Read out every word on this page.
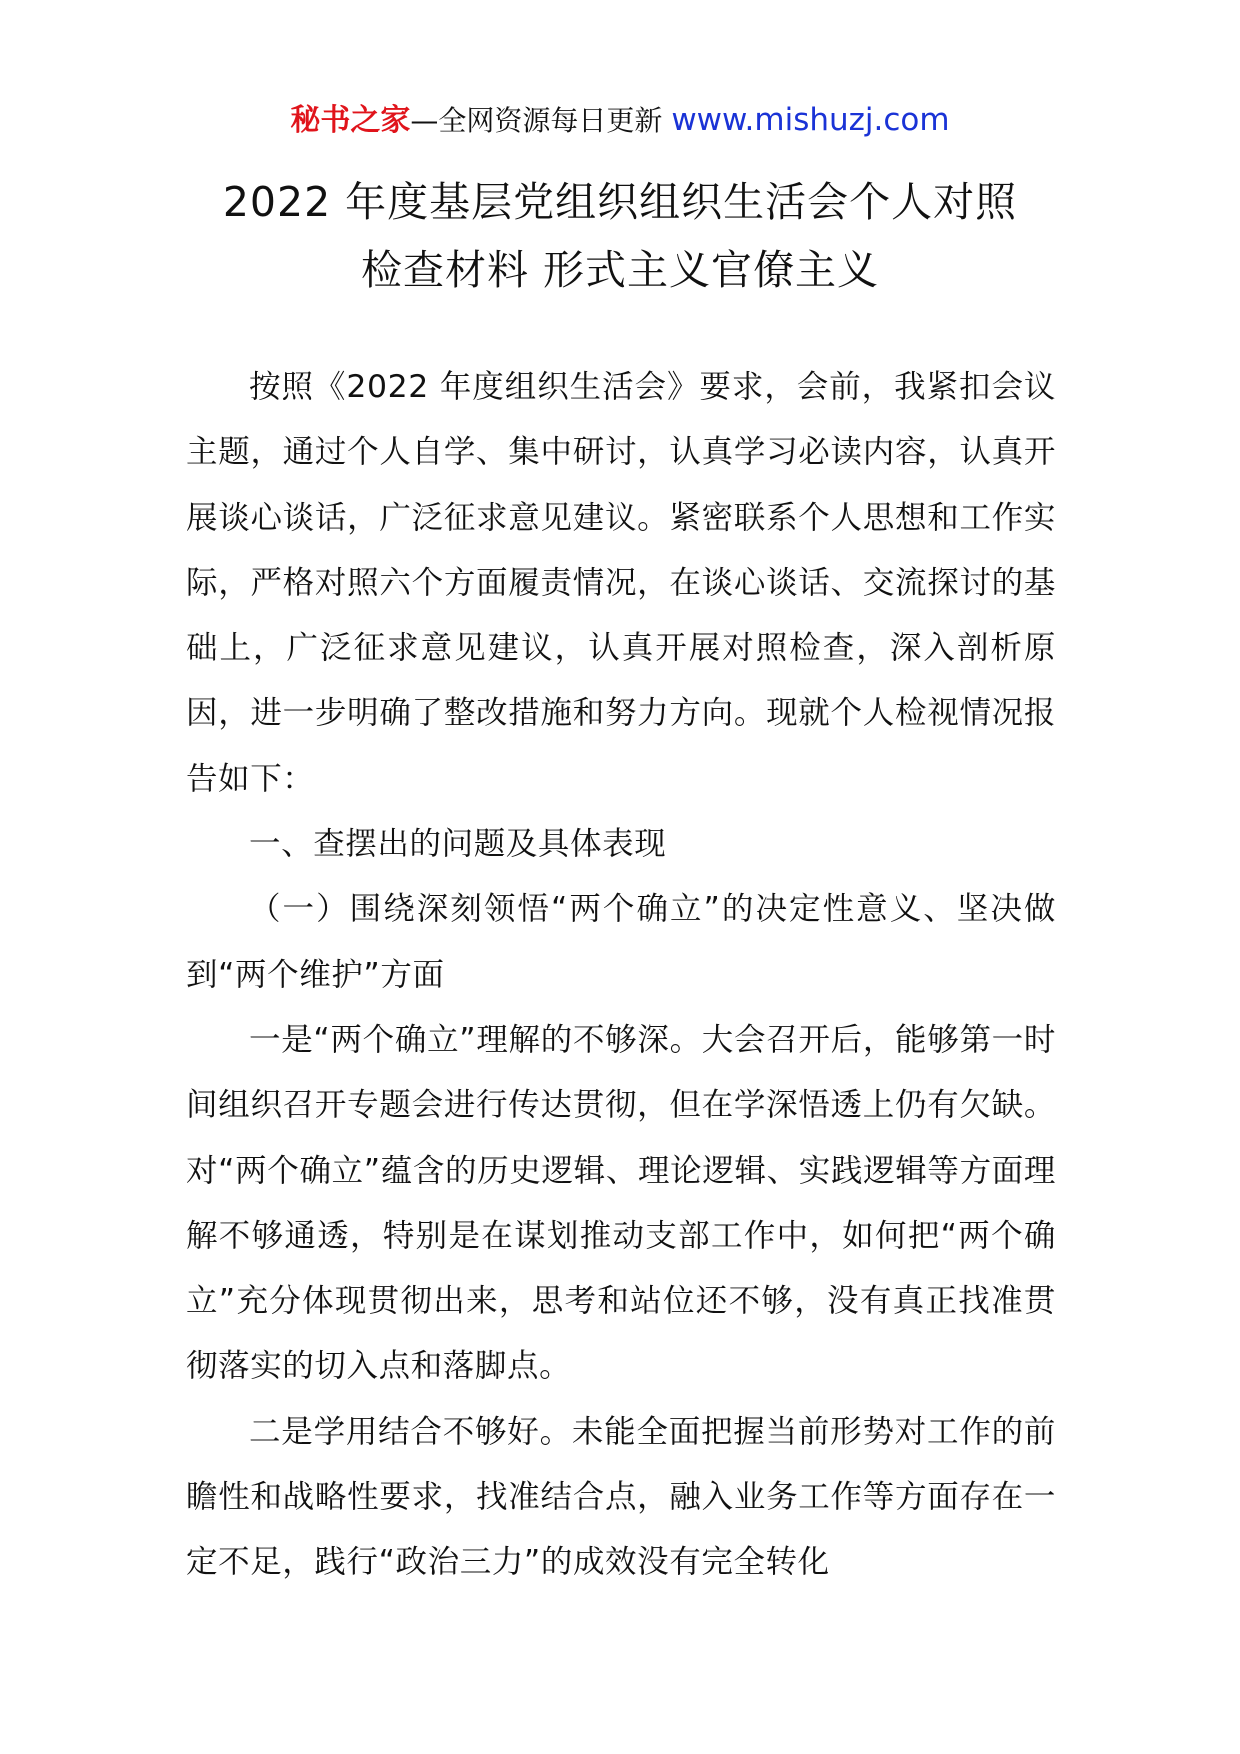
秘书之家—全网资源每日更新 www.mishuzj.com
2022 年度基层党组织组织生活会个人对照
检查材料 形式主义官僚主义

按照《2022 年度组织生活会》要求，会前，我紧扣会议主题，通过个人自学、集中研讨，认真学习必读内容，认真开展谈心谈话，广泛征求意见建议。紧密联系个人思想和工作实际，严格对照六个方面履责情况，在谈心谈话、交流探讨的基础上，广泛征求意见建议，认真开展对照检查，深入剖析原因，进一步明确了整改措施和努力方向。现就个人检视情况报告如下：

一、查摆出的问题及具体表现

（一）围绕深刻领悟“两个确立”的决定性意义、坚决做到“两个维护”方面

一是“两个确立”理解的不够深。大会召开后，能够第一时间组织召开专题会进行传达贯彻，但在学深悟透上仍有欠缺。对“两个确立”蕴含的历史逻辑、理论逻辑、实践逻辑等方面理解不够通透，特别是在谋划推动支部工作中，如何把“两个确立”充分体现贯彻出来，思考和站位还不够，没有真正找准贯彻落实的切入点和落脚点。

二是学用结合不够好。未能全面把握当前形势对工作的前瞻性和战略性要求，找准结合点，融入业务工作等方面存在一定不足，践行“政治三力”的成效没有完全转化
